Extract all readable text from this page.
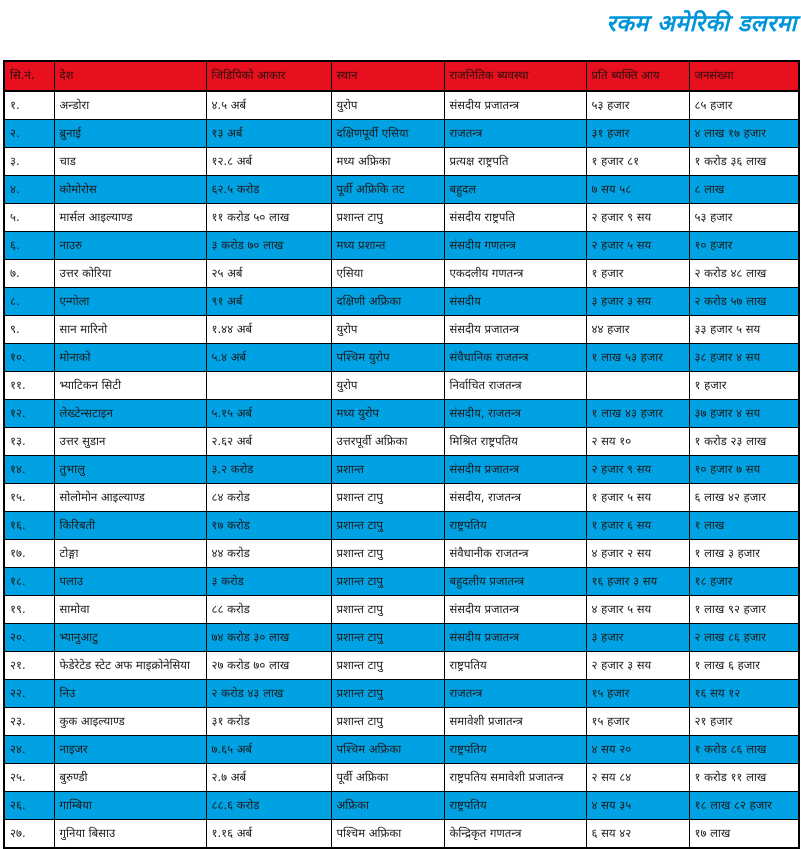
रकम अमेरिकी डलरमा
सि.नं.	देश	जिडिपिको आकार	स्थान	राजनितिक ब्यवस्था	प्रति ब्यक्ति आय	जनसंख्या
१.	अन्डोरा	४.५ अर्ब	युरोप	संसदीय प्रजातन्त्र	५३ हजार	८५ हजार
२.	ब्रुनाई	१३ अर्ब	दक्षिणपूर्वी एसिया	राजतन्त्र	३१ हजार	४ लाख १७ हजार
३.	चाड	१२.८ अर्ब	मध्य अफ्रिका	प्रत्यक्ष राष्ट्रपति	१ हजार ८१	१ करोड ३६ लाख
४.	कोमोरोस	६२.५ करोड	पूर्वी अफ्रिकि तट	बहुदल	७ सय ५८	८ लाख
५.	मार्सल आइल्याण्ड	११ करोड ५० लाख	प्रशान्त टापु	संसदीय राष्ट्रपति	२ हजार ९ सय	५३ हजार
६.	नाउरु	३ करोड ७० लाख	मध्य प्रशान्त	संसदीय गणतन्त्र	२ हजार ५ सय	१० हजार
७.	उत्तर कोरिया	२५ अर्ब	एसिया	एकदलीय गणतन्त्र	१ हजार	२ करोड ४८ लाख
८.	एन्गोला	९१ अर्ब	दक्षिणी अफ्रिका	संसदीय	३ हजार ३ सय	२ करोड ५७ लाख
९.	सान मारिनो	१.४४ अर्ब	युरोप	संसदीय प्रजातन्त्र	४४ हजार	३३ हजार ५ सय
१०.	मोनाको	५.४ अर्ब	पश्चिम युरोप	संवैधानिक राजतन्त्र	१ लाख ५३ हजार	३८ हजार ४ सय
११.	भ्याटिकन सिटी		युरोप	निर्वाचित राजतन्त्र		१ हजार
१२.	लेख्टेन्सटाइन	५.१५ अर्ब	मध्य युरोप	संसदीय, राजतन्त्र	१ लाख ४३ हजार	३७ हजार ४ सय
१३.	उत्तर सुडान	२.६२ अर्ब	उत्तरपूर्वी अफ्रिका	मिश्रित राष्ट्रपतिय	२ सय १०	१ करोड २३ लाख
१४.	तुभालु	३.२ करोड	प्रशान्त	संसदीय प्रजातन्त्र	२ हजार ९ सय	१० हजार ७ सय
१५.	सोलोमोन आइल्याण्ड	८४ करोड	प्रशान्त टापु	संसदीय, राजतन्त्र	१ हजार ५ सय	६ लाख ४२ हजार
१६.	किरिबती	१७ करोड	प्रशान्त टापु	राष्ट्रपतिय	१ हजार ६ सय	१ लाख
१७.	टोङ्गा	४४ करोड	प्रशान्त टापु	संवैधानीक राजतन्त्र	४ हजार २ सय	१ लाख ३ हजार
१८.	पलाउ	३ करोड	प्रशान्त टापु	बहुदलीय प्रजातन्त्र	१६ हजार ३ सय	१८ हजार
१९.	सामोवा	८८ करोड	प्रशान्त टापु	संसदीय प्रजातन्त्र	४ हजार ५ सय	१ लाख ९२ हजार
२०.	भ्यानुआटु	७४ करोड ३० लाख	प्रशान्त टापु	संसदीय प्रजातन्त्र	३ हजार	२ लाख ८६ हजार
२१.	फेडेरेटेड स्टेट अफ माइक्रोनेसिया	२७ करोड ७० लाख	प्रशान्त टापु	राष्ट्रपतिय	२ हजार ३ सय	१ लाख ६ हजार
२२.	निउ	२ करोड ४३ लाख	प्रशान्त टापु	राजतन्त्र	१५ हजार	१६ सय १२
२३.	कुक आइल्याण्ड	३१ करोड	प्रशान्त टापु	समावेशी प्रजातन्त्र	१५ हजार	२१ हजार
२४.	नाइजर	७.६५ अर्ब	पश्चिम अफ्रिका	राष्ट्रपतिय	४ सय २०	१ करोड ८६ लाख
२५.	बुरुण्डी	२.७ अर्ब	पूर्वी अफ्रिका	राष्ट्रपतिय समावेशी प्रजातन्त्र	२ सय ८४	१ करोड ११ लाख
२६.	गाम्बिया	८८.६ करोड	अफ्रिका	राष्ट्रपतिय	४ सय ३५	१८ लाख ८२ हजार
२७.	गुनिया बिसाउ	१.१६ अर्ब	पश्चिम अफ्रिका	केन्द्रिकृत गणतन्त्र	६ सय ४२	१७ लाख
